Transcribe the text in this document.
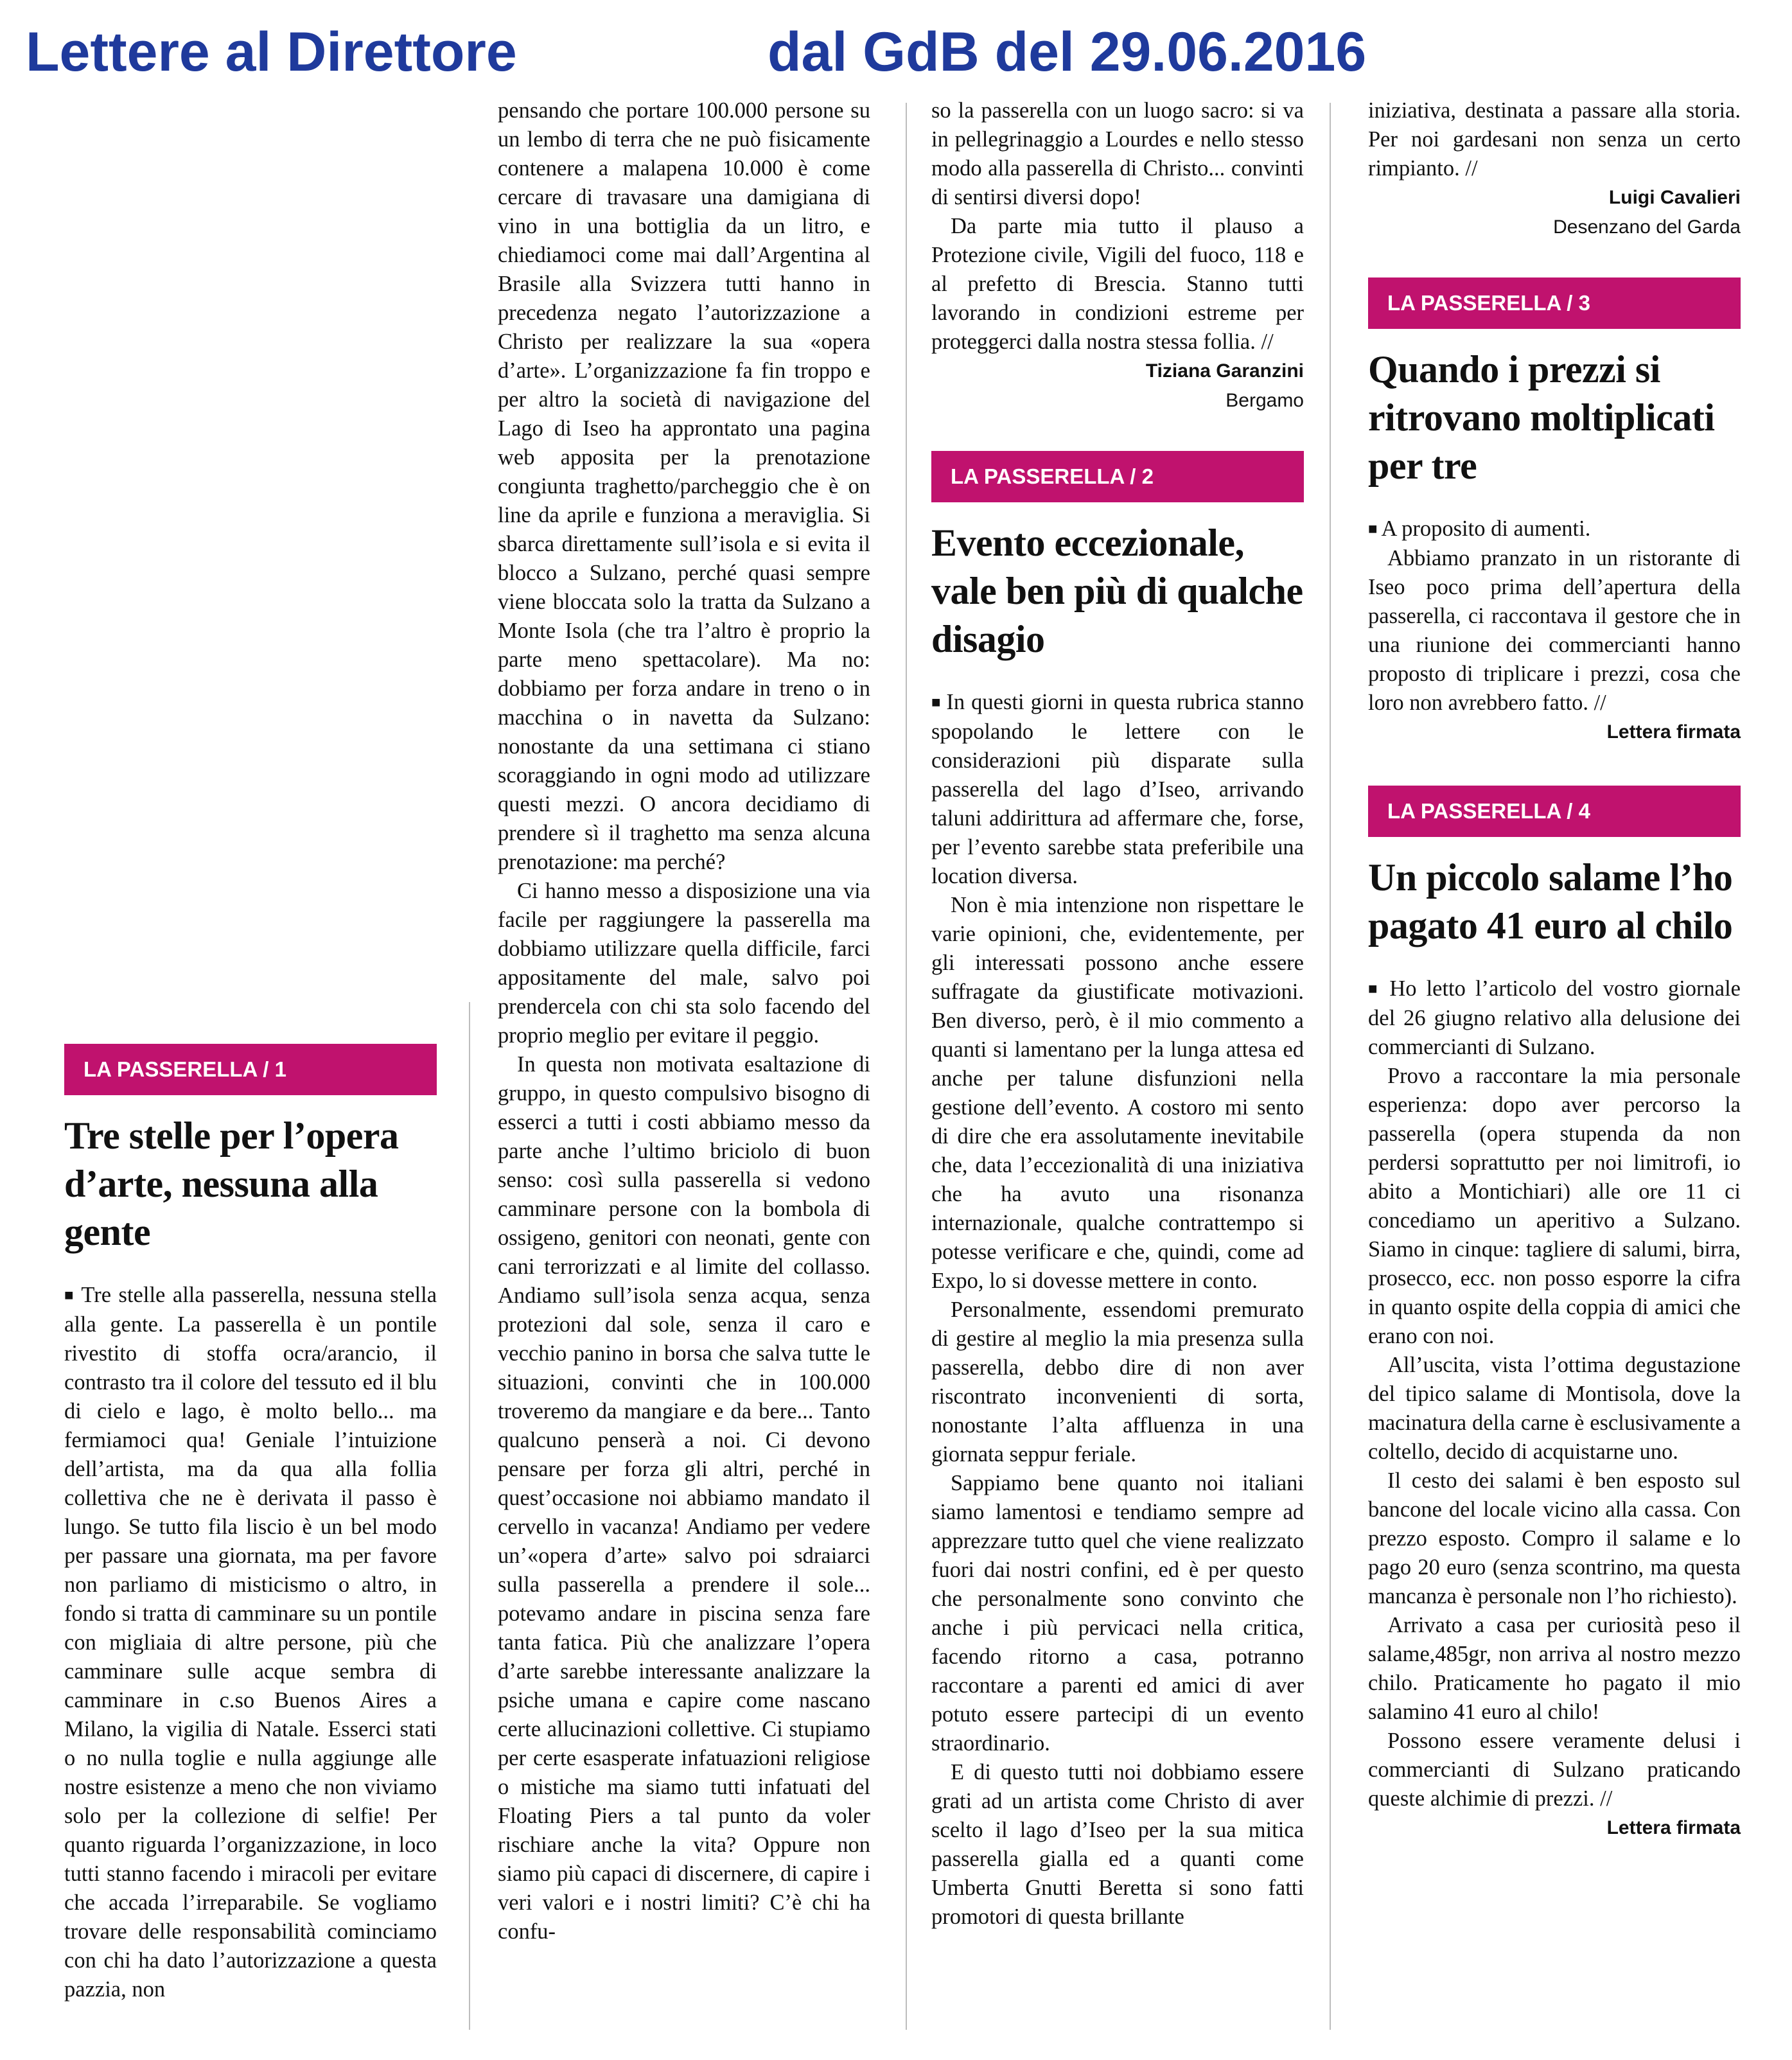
Lettere al Direttore	dal GdB del 29.06.2016
LA PASSERELLA / 1
Tre stelle per l’opera d’arte, nessuna alla gente

■ Tre stelle alla passerella, nessuna stella alla gente. La passerella è un pontile rivestito di stoffa ocra/arancio, il contrasto tra il colore del tessuto ed il blu di cielo e lago, è molto bello... ma fermiamoci qua! Geniale l’intuizione dell’artista, ma da qua alla follia collettiva che ne è derivata il passo è lungo. Se tutto fila liscio è un bel modo per passare una giornata, ma per favore non parliamo di misticismo o altro, in fondo si tratta di camminare su un pontile con migliaia di altre persone, più che camminare sulle acque sembra di camminare in c.so Buenos Aires a Milano, la vigilia di Natale. Esserci stati o no nulla toglie e nulla aggiunge alle nostre esistenze a meno che non viviamo solo per la collezione di selfie! Per quanto riguarda l’organizzazione, in loco tutti stanno facendo i miracoli per evitare che accada l’irreparabile. Se vogliamo trovare delle responsabilità cominciamo con chi ha dato l’autorizzazione a questa pazzia, non

pensando che portare 100.000 persone su un lembo di terra che ne può fisicamente contenere a malapena 10.000 è come cercare di travasare una damigiana di vino in una bottiglia da un litro, e chiediamoci come mai dall’Argentina al Brasile alla Svizzera tutti hanno in precedenza negato l’autorizzazione a Christo per realizzare la sua «opera d’arte». L’organizzazione fa fin troppo e per altro la società di navigazione del Lago di Iseo ha approntato una pagina web apposita per la prenotazione congiunta traghetto/parcheggio che è on line da aprile e funziona a meraviglia. Si sbarca direttamente sull’isola e si evita il blocco a Sulzano, perché quasi sempre viene bloccata solo la tratta da Sulzano a Monte Isola (che tra l’altro è proprio la parte meno spettacolare). Ma no: dobbiamo per forza andare in treno o in macchina o in navetta da Sulzano: nonostante da una settimana ci stiano scoraggiando in ogni modo ad utilizzare questi mezzi. O ancora decidiamo di prendere sì il traghetto ma senza alcuna prenotazione: ma perché?

Ci hanno messo a disposizione una via facile per raggiungere la passerella ma dobbiamo utilizzare quella difficile, farci appositamente del male, salvo poi prendercela con chi sta solo facendo del proprio meglio per evitare il peggio.

In questa non motivata esaltazione di gruppo, in questo compulsivo bisogno di esserci a tutti i costi abbiamo messo da parte anche l’ultimo briciolo di buon senso: così sulla passerella si vedono camminare persone con la bombola di ossigeno, genitori con neonati, gente con cani terrorizzati e al limite del collasso. Andiamo sull’isola senza acqua, senza protezioni dal sole, senza il caro e vecchio panino in borsa che salva tutte le situazioni, convinti che in 100.000 troveremo da mangiare e da bere... Tanto qualcuno penserà a noi. Ci devono pensare per forza gli altri, perché in quest’occasione noi abbiamo mandato il cervello in vacanza! Andiamo per vedere un’«opera d’arte» salvo poi sdraiarci sulla passerella a prendere il sole... potevamo andare in piscina senza fare tanta fatica. Più che analizzare l’opera d’arte sarebbe interessante analizzare la psiche umana e capire come nascano certe allucinazioni collettive. Ci stupiamo per certe esasperate infatuazioni religiose o mistiche ma siamo tutti infatuati del Floating Piers a tal punto da voler rischiare anche la vita? Oppure non siamo più capaci di discernere, di capire i veri valori e i nostri limiti? C’è chi ha confu-

so la passerella con un luogo sacro: si va in pellegrinaggio a Lourdes e nello stesso modo alla passerella di Christo... convinti di sentirsi diversi dopo!

Da parte mia tutto il plauso a Protezione civile, Vigili del fuoco, 118 e al prefetto di Brescia. Stanno tutti lavorando in condizioni estreme per proteggerci dalla nostra stessa follia. //

Tiziana Garanzini
Bergamo
LA PASSERELLA / 2
Evento eccezionale, vale ben più di qualche disagio

■ In questi giorni in questa rubrica stanno spopolando le lettere con le considerazioni più disparate sulla passerella del lago d’Iseo, arrivando taluni addirittura ad affermare che, forse, per l’evento sarebbe stata preferibile una location diversa.

Non è mia intenzione non rispettare le varie opinioni, che, evidentemente, per gli interessati possono anche essere suffragate da giustificate motivazioni. Ben diverso, però, è il mio commento a quanti si lamentano per la lunga attesa ed anche per talune disfunzioni nella gestione dell’evento. A costoro mi sento di dire che era assolutamente inevitabile che, data l’eccezionalità di una iniziativa che ha avuto una risonanza internazionale, qualche contrattempo si potesse verificare e che, quindi, come ad Expo, lo si dovesse mettere in conto.

Personalmente, essendomi premurato di gestire al meglio la mia presenza sulla passerella, debbo dire di non aver riscontrato inconvenienti di sorta, nonostante l’alta affluenza in una giornata seppur feriale.

Sappiamo bene quanto noi italiani siamo lamentosi e tendiamo sempre ad apprezzare tutto quel che viene realizzato fuori dai nostri confini, ed è per questo che personalmente sono convinto che anche i più pervicaci nella critica, facendo ritorno a casa, potranno raccontare a parenti ed amici di aver potuto essere partecipi di un evento straordinario.

E di questo tutti noi dobbiamo essere grati ad un artista come Christo di aver scelto il lago d’Iseo per la sua mitica passerella gialla ed a quanti come Umberta Gnutti Beretta si sono fatti promotori di questa brillante

iniziativa, destinata a passare alla storia. Per noi gardesani non senza un certo rimpianto. //

Luigi Cavalieri
Desenzano del Garda
LA PASSERELLA / 3
Quando i prezzi si ritrovano moltiplicati per tre

■ A proposito di aumenti.

Abbiamo pranzato in un ristorante di Iseo poco prima dell’apertura della passerella, ci raccontava il gestore che in una riunione dei commercianti hanno proposto di triplicare i prezzi, cosa che loro non avrebbero fatto. //

Lettera firmata
LA PASSERELLA / 4
Un piccolo salame l’ho pagato 41 euro al chilo

■ Ho letto l’articolo del vostro giornale del 26 giugno relativo alla delusione dei commercianti di Sulzano.

Provo a raccontare la mia personale esperienza: dopo aver percorso la passerella (opera stupenda da non perdersi soprattutto per noi limitrofi, io abito a Montichiari) alle ore 11 ci concediamo un aperitivo a Sulzano. Siamo in cinque: tagliere di salumi, birra, prosecco, ecc. non posso esporre la cifra in quanto ospite della coppia di amici che erano con noi.

All’uscita, vista l’ottima degustazione del tipico salame di Montisola, dove la macinatura della carne è esclusivamente a coltello, decido di acquistarne uno.

Il cesto dei salami è ben esposto sul bancone del locale vicino alla cassa. Con prezzo esposto. Compro il salame e lo pago 20 euro (senza scontrino, ma questa mancanza è personale non l’ho richiesto).

Arrivato a casa per curiosità peso il salame,485gr, non arriva al nostro mezzo chilo. Praticamente ho pagato il mio salamino 41 euro al chilo!

Possono essere veramente delusi i commercianti di Sulzano praticando queste alchimie di prezzi. //

Lettera firmata
